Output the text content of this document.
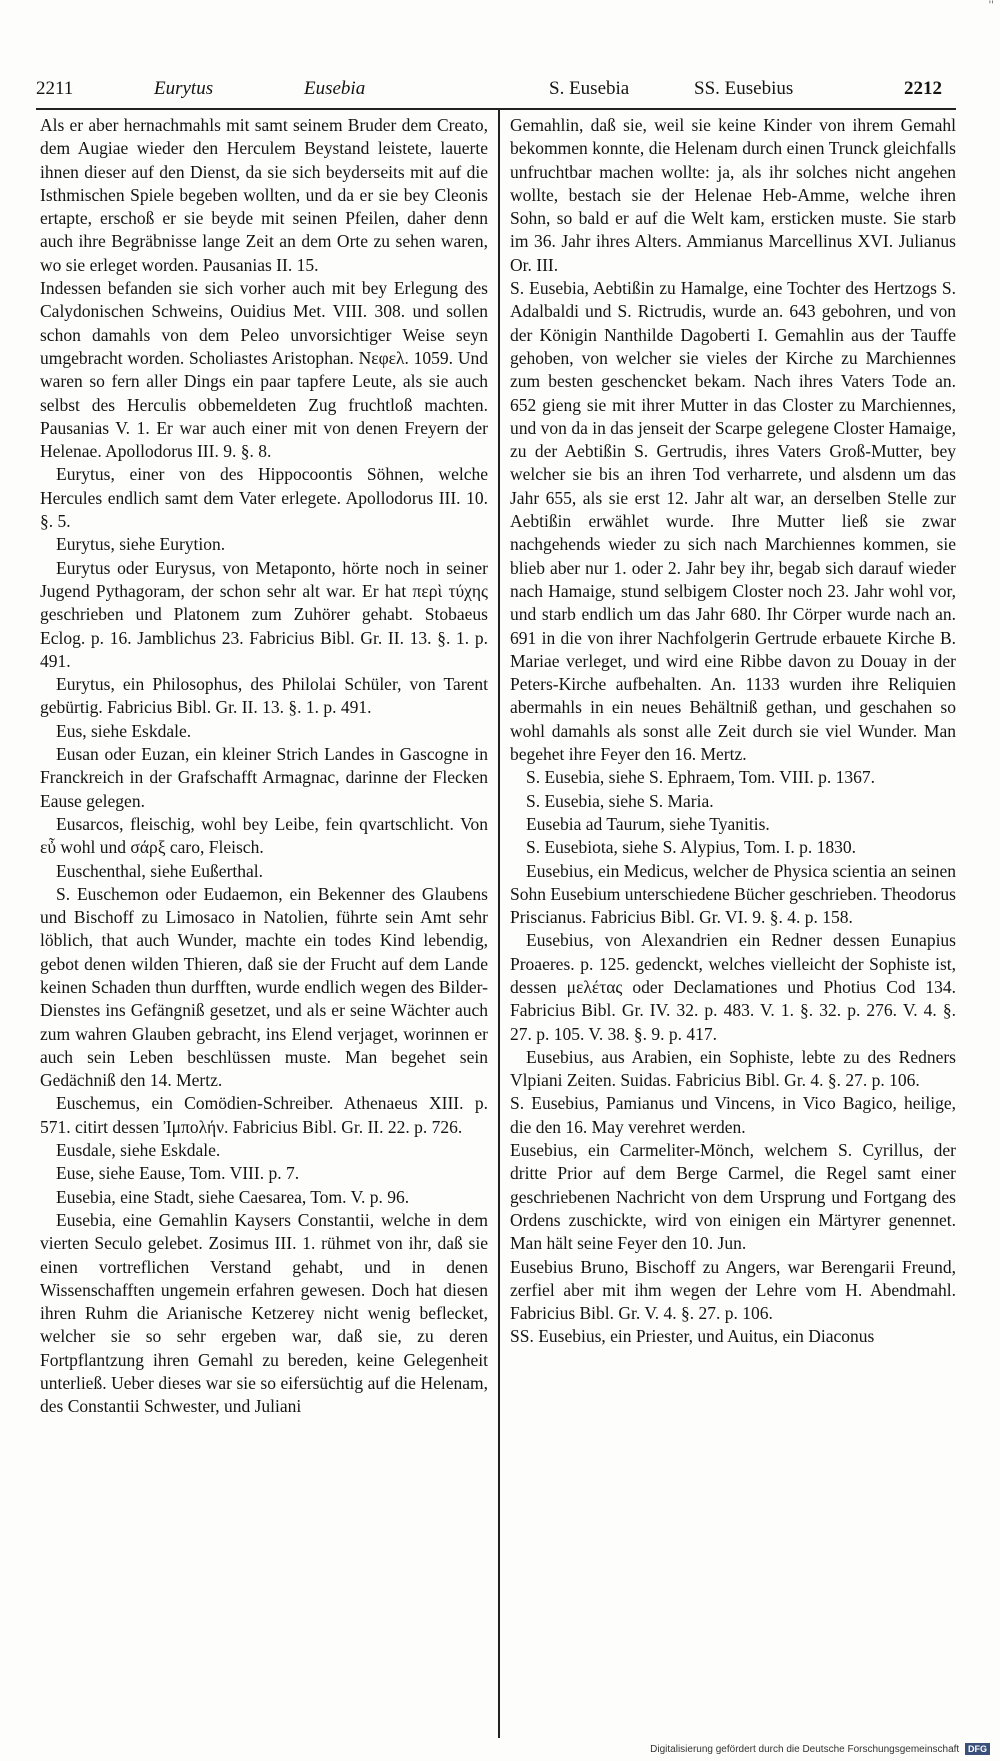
''
2211	Eurytus	Eusebia	S. Eusebia	SS. Eusebius	2212

Als er aber hernachmahls mit samt seinem Bruder dem Creato, dem Augiae wieder den Herculem Beystand leistete, lauerte ihnen dieser auf den Dienst, da sie sich beyderseits mit auf die Isthmischen Spiele begeben wollten, und da er sie bey Cleonis ertapte, erschoß er sie beyde mit seinen Pfeilen, daher denn auch ihre Begräbnisse lange Zeit an dem Orte zu sehen waren, wo sie erleget worden. Pausanias II. 15.

Indessen befanden sie sich vorher auch mit bey Erlegung des Calydonischen Schweins, Ouidius Met. VIII. 308. und sollen schon damahls von dem Peleo unvorsichtiger Weise seyn umgebracht worden. Scholiastes Aristophan. Νεφελ. 1059. Und waren so fern aller Dings ein paar tapfere Leute, als sie auch selbst des Herculis obbemeldeten Zug fruchtloß machten. Pausanias V. 1. Er war auch einer mit von denen Freyern der Helenae. Apollodorus III. 9. §. 8.

Eurytus, einer von des Hippocoontis Söhnen, welche Hercules endlich samt dem Vater erlegete. Apollodorus III. 10. §. 5.

Eurytus, siehe Eurytion.

Eurytus oder Eurysus, von Metaponto, hörte noch in seiner Jugend Pythagoram, der schon sehr alt war. Er hat περὶ τύχης geschrieben und Platonem zum Zuhörer gehabt. Stobaeus Eclog. p. 16. Jamblichus 23. Fabricius Bibl. Gr. II. 13. §. 1. p. 491.

Eurytus, ein Philosophus, des Philolai Schüler, von Tarent gebürtig. Fabricius Bibl. Gr. II. 13. §. 1. p. 491.

Eus, siehe Eskdale.

Eusan oder Euzan, ein kleiner Strich Landes in Gascogne in Franckreich in der Grafschafft Armagnac, darinne der Flecken Eause gelegen.

Eusarcos, fleischig, wohl bey Leibe, fein qvartschlicht. Von εὖ wohl und σάρξ caro, Fleisch.

Euschenthal, siehe Eußerthal.

S. Euschemon oder Eudaemon, ein Bekenner des Glaubens und Bischoff zu Limosaco in Natolien, führte sein Amt sehr löblich, that auch Wunder, machte ein todes Kind lebendig, gebot denen wilden Thieren, daß sie der Frucht auf dem Lande keinen Schaden thun durfften, wurde endlich wegen des Bilder-Dienstes ins Gefängniß gesetzet, und als er seine Wächter auch zum wahren Glauben gebracht, ins Elend verjaget, worinnen er auch sein Leben beschlüssen muste. Man begehet sein Gedächniß den 14. Mertz.

Euschemus, ein Comödien-Schreiber. Athenaeus XIII. p. 571. citirt dessen Ἰμπολήν. Fabricius Bibl. Gr. II. 22. p. 726.

Eusdale, siehe Eskdale.

Euse, siehe Eause, Tom. VIII. p. 7.

Eusebia, eine Stadt, siehe Caesarea, Tom. V. p. 96.

Eusebia, eine Gemahlin Kaysers Constantii, welche in dem vierten Seculo gelebet. Zosimus III. 1. rühmet von ihr, daß sie einen vortreflichen Verstand gehabt, und in denen Wissenschafften ungemein erfahren gewesen. Doch hat diesen ihren Ruhm die Arianische Ketzerey nicht wenig beflecket, welcher sie so sehr ergeben war, daß sie, zu deren Fortpflantzung ihren Gemahl zu bereden, keine Gelegenheit unterließ. Ueber dieses war sie so eifersüchtig auf die Helenam, des Constantii Schwester, und Juliani

Gemahlin, daß sie, weil sie keine Kinder von ihrem Gemahl bekommen konnte, die Helenam durch einen Trunck gleichfalls unfruchtbar machen wollte: ja, als ihr solches nicht angehen wollte, bestach sie der Helenae Heb-Amme, welche ihren Sohn, so bald er auf die Welt kam, ersticken muste. Sie starb im 36. Jahr ihres Alters. Ammianus Marcellinus XVI. Julianus Or. III.

S. Eusebia, Aebtißin zu Hamalge, eine Tochter des Hertzogs S. Adalbaldi und S. Rictrudis, wurde an. 643 gebohren, und von der Königin Nanthilde Dagoberti I. Gemahlin aus der Tauffe gehoben, von welcher sie vieles der Kirche zu Marchiennes zum besten geschencket bekam. Nach ihres Vaters Tode an. 652 gieng sie mit ihrer Mutter in das Closter zu Marchiennes, und von da in das jenseit der Scarpe gelegene Closter Hamaige, zu der Aebtißin S. Gertrudis, ihres Vaters Groß-Mutter, bey welcher sie bis an ihren Tod verharrete, und alsdenn um das Jahr 655, als sie erst 12. Jahr alt war, an derselben Stelle zur Aebtißin erwählet wurde. Ihre Mutter ließ sie zwar nachgehends wieder zu sich nach Marchiennes kommen, sie blieb aber nur 1. oder 2. Jahr bey ihr, begab sich darauf wieder nach Hamaige, stund selbigem Closter noch 23. Jahr wohl vor, und starb endlich um das Jahr 680. Ihr Cörper wurde nach an. 691 in die von ihrer Nachfolgerin Gertrude erbauete Kirche B. Mariae verleget, und wird eine Ribbe davon zu Douay in der Peters-Kirche aufbehalten. An. 1133 wurden ihre Reliquien abermahls in ein neues Behältniß gethan, und geschahen so wohl damahls als sonst alle Zeit durch sie viel Wunder. Man begehet ihre Feyer den 16. Mertz.

S. Eusebia, siehe S. Ephraem, Tom. VIII. p. 1367.

S. Eusebia, siehe S. Maria.

Eusebia ad Taurum, siehe Tyanitis.

S. Eusebiota, siehe S. Alypius, Tom. I. p. 1830.

Eusebius, ein Medicus, welcher de Physica scientia an seinen Sohn Eusebium unterschiedene Bücher geschrieben. Theodorus Priscianus. Fabricius Bibl. Gr. VI. 9. §. 4. p. 158.

Eusebius, von Alexandrien ein Redner dessen Eunapius Proaeres. p. 125. gedenckt, welches vielleicht der Sophiste ist, dessen μελέτας oder Declamationes und Photius Cod 134. Fabricius Bibl. Gr. IV. 32. p. 483. V. 1. §. 32. p. 276. V. 4. §. 27. p. 105. V. 38. §. 9. p. 417.

Eusebius, aus Arabien, ein Sophiste, lebte zu des Redners Vlpiani Zeiten. Suidas. Fabricius Bibl. Gr. 4. §. 27. p. 106.

S. Eusebius, Pamianus und Vincens, in Vico Bagico, heilige, die den 16. May verehret werden.

Eusebius, ein Carmeliter-Mönch, welchem S. Cyrillus, der dritte Prior auf dem Berge Carmel, die Regel samt einer geschriebenen Nachricht von dem Ursprung und Fortgang des Ordens zuschickte, wird von einigen ein Märtyrer genennet. Man hält seine Feyer den 10. Jun.

Eusebius Bruno, Bischoff zu Angers, war Berengarii Freund, zerfiel aber mit ihm wegen der Lehre vom H. Abendmahl. Fabricius Bibl. Gr. V. 4. §. 27. p. 106.

SS. Eusebius, ein Priester, und Auitus, ein Diaconus

Digitalisierung gefördert durch die Deutsche Forschungsgemeinschaft DFG
